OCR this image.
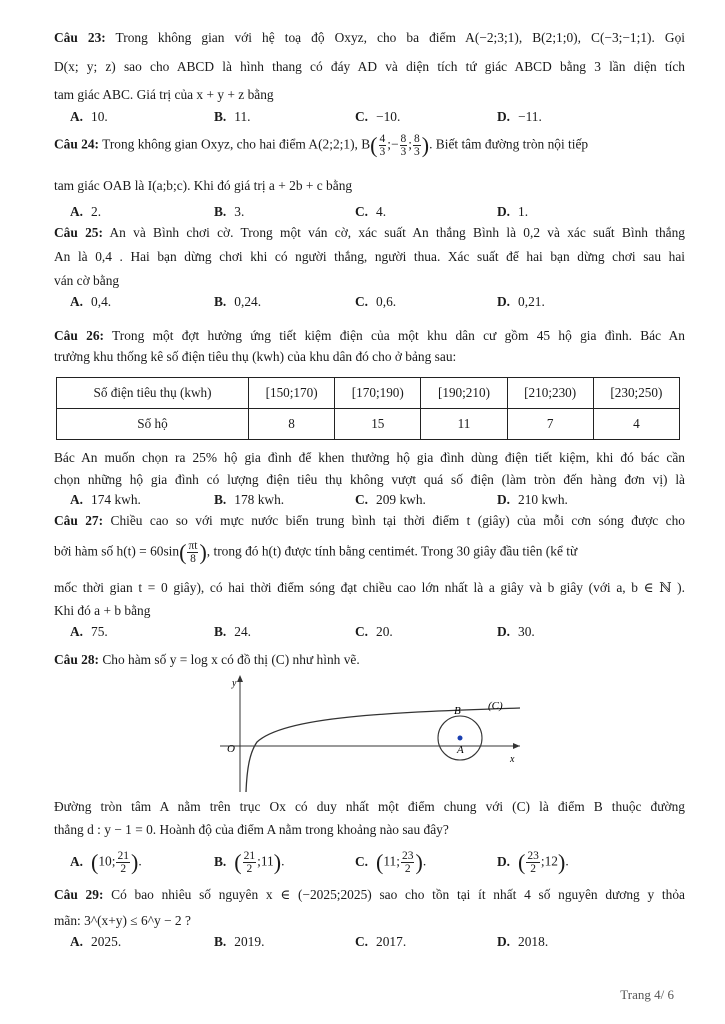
Câu 23: Trong không gian với hệ toạ độ Oxyz, cho ba điểm A(−2;3;1), B(2;1;0), C(−3;−1;1). Gọi
D(x; y; z) sao cho ABCD là hình thang có đáy AD và diện tích tứ giác ABCD bằng 3 lần diện tích
tam giác ABC. Giá trị của x + y + z bằng
A. 10.	B. 11.	C. −10.	D. −11.
Câu 24: Trong không gian Oxyz, cho hai điểm A(2;2;1), $B( \frac{4}{3}$ ;− $\frac{8}{3}$ ; $\frac{8}{3}$ ). Biết tâm đường tròn nội tiếp
tam giác OAB là I(a;b;c). Khi đó giá trị a + 2b + c bằng
A. 2.	B. 3.	C. 4.	D. 1.
Câu 25: An và Bình chơi cờ. Trong một ván cờ, xác suất An thắng Bình là 0,2 và xác suất Bình thắng
An là 0,4 . Hai bạn dừng chơi khi có người thắng, người thua. Xác suất để hai bạn dừng chơi sau hai
ván cờ bằng
A. 0,4.	B. 0,24.	C. 0,6.	D. 0,21.
Câu 26: Trong một đợt hưởng ứng tiết kiệm điện của một khu dân cư gồm 45 hộ gia đình. Bác An
trưởng khu thống kê số điện tiêu thụ (kwh) của khu dân đó cho ở bảng sau:
Số điện tiêu thụ (kwh)	[150;170)	[170;190)	[190;210)	[210;230)	[230;250)
Số hộ	8	15	11	7	4
Bác An muốn chọn ra 25% hộ gia đình để khen thưởng hộ gia đình dùng điện tiết kiệm, khi đó bác cần
chọn những hộ gia đình có lượng điện tiêu thụ không vượt quá số điện (làm tròn đến hàng đơn vị) là
A. 174 kwh.	B. 178 kwh.	C. 209 kwh.	D. 210 kwh.
Câu 27: Chiều cao so với mực nước biển trung bình tại thời điểm t (giây) của mỗi cơn sóng được cho
bởi hàm số $h(t) = 60\sin( \frac{\pi t}{8}$ ), trong đó h(t) được tính bằng centimét. Trong 30 giây đầu tiên (kể từ
mốc thời gian t = 0 giây), có hai thời điểm sóng đạt chiều cao lớn nhất là a giây và b giây (với a, b ∈ ℕ ).
Khi đó a + b bằng
A. 75.	B. 24.	C. 20.	D. 30.
Câu 28: Cho hàm số y = log x có đồ thị (C) như hình vẽ.
y
x
O
B
A
(C)
Đường tròn tâm A nằm trên trục Ox có duy nhất một điểm chung với (C) là điểm B thuộc đường
thẳng d : y − 1 = 0. Hoành độ của điểm A nằm trong khoảng nào sau đây?
A. (10; $\frac{21}{2}$ ).	B. ( $\frac{21}{2}$ ;11).	C. (11; $\frac{23}{2}$ ).	D. ( $\frac{23}{2}$ ;12).
Câu 29: Có bao nhiêu số nguyên x ∈ (−2025;2025) sao cho tồn tại ít nhất 4 số nguyên dương y thỏa
mãn: 3^(x+y) ≤ 6^y − 2 ?
A. 2025.	B. 2019.	C. 2017.	D. 2018.
Trang 4/ 6
